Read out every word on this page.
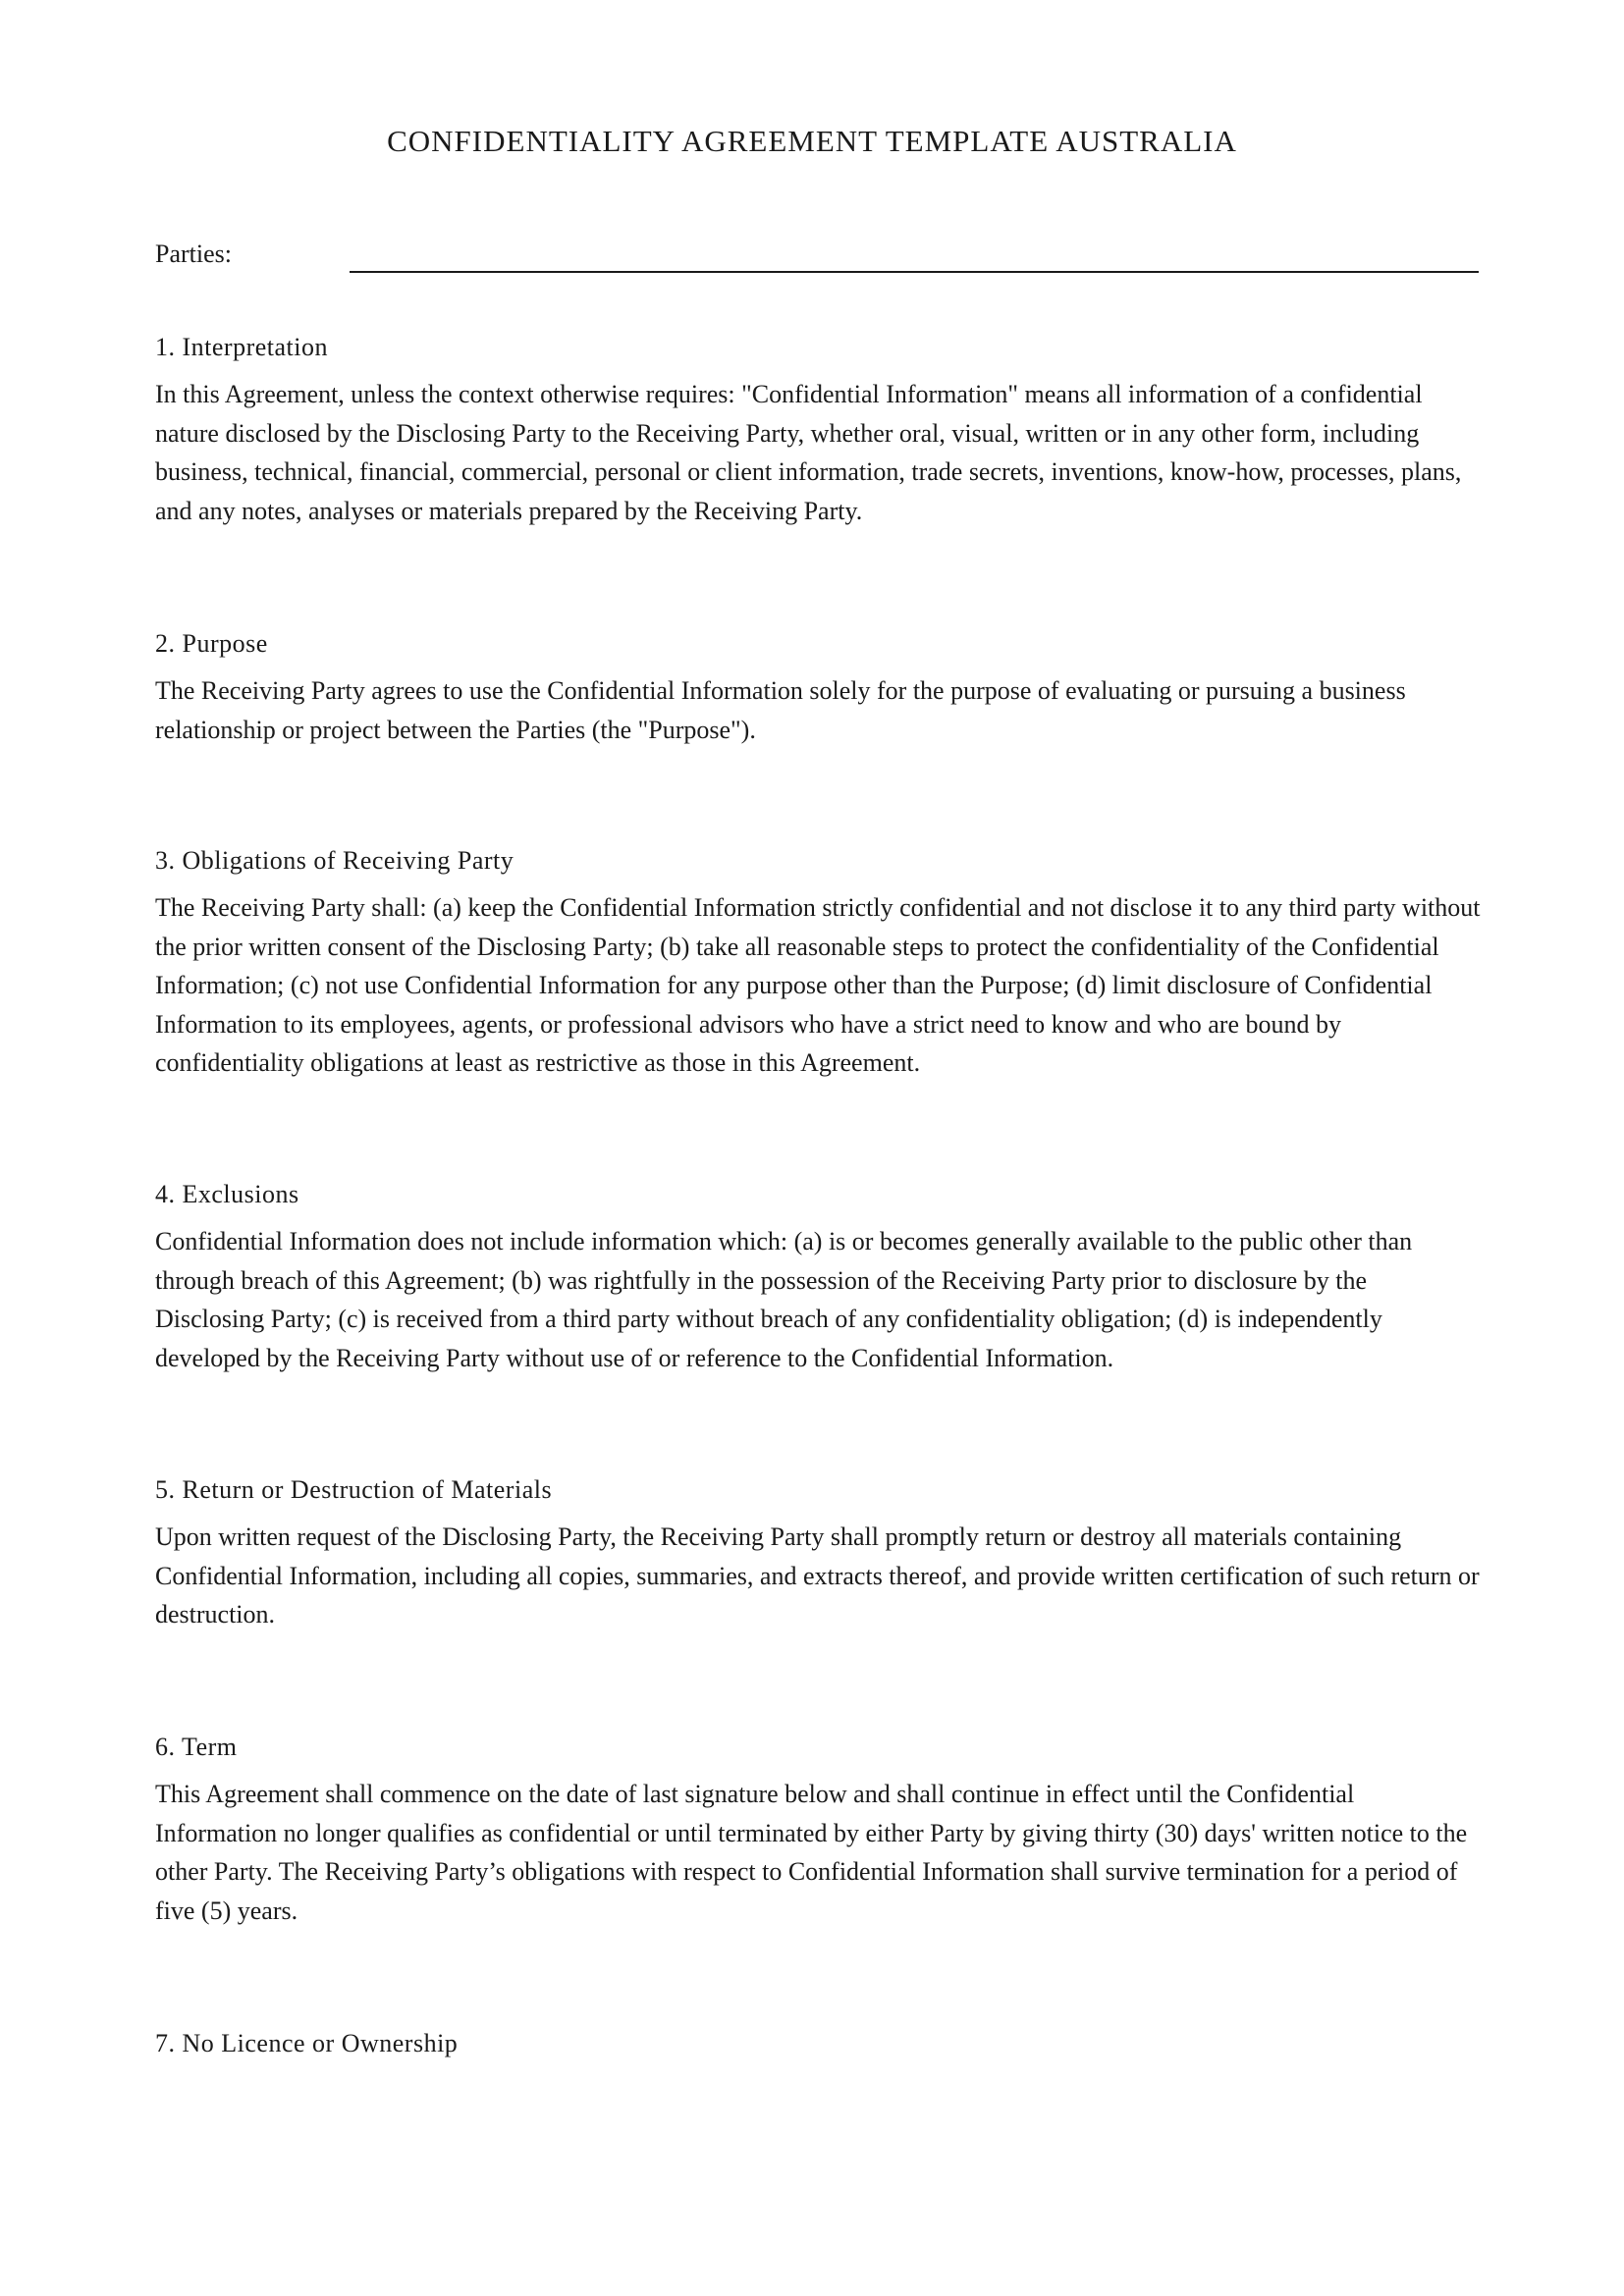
CONFIDENTIALITY AGREEMENT TEMPLATE AUSTRALIA
Parties:
1. Interpretation

In this Agreement, unless the context otherwise requires: "Confidential Information" means all information of a confidential nature disclosed by the Disclosing Party to the Receiving Party, whether oral, visual, written or in any other form, including business, technical, financial, commercial, personal or client information, trade secrets, inventions, know-how, processes, plans, and any notes, analyses or materials prepared by the Receiving Party.

2. Purpose

The Receiving Party agrees to use the Confidential Information solely for the purpose of evaluating or pursuing a business relationship or project between the Parties (the "Purpose").

3. Obligations of Receiving Party

The Receiving Party shall: (a) keep the Confidential Information strictly confidential and not disclose it to any third party without the prior written consent of the Disclosing Party; (b) take all reasonable steps to protect the confidentiality of the Confidential Information; (c) not use Confidential Information for any purpose other than the Purpose; (d) limit disclosure of Confidential Information to its employees, agents, or professional advisors who have a strict need to know and who are bound by confidentiality obligations at least as restrictive as those in this Agreement.

4. Exclusions

Confidential Information does not include information which: (a) is or becomes generally available to the public other than through breach of this Agreement; (b) was rightfully in the possession of the Receiving Party prior to disclosure by the Disclosing Party; (c) is received from a third party without breach of any confidentiality obligation; (d) is independently developed by the Receiving Party without use of or reference to the Confidential Information.

5. Return or Destruction of Materials

Upon written request of the Disclosing Party, the Receiving Party shall promptly return or destroy all materials containing Confidential Information, including all copies, summaries, and extracts thereof, and provide written certification of such return or destruction.

6. Term

This Agreement shall commence on the date of last signature below and shall continue in effect until the Confidential Information no longer qualifies as confidential or until terminated by either Party by giving thirty (30) days' written notice to the other Party. The Receiving Party’s obligations with respect to Confidential Information shall survive termination for a period of five (5) years.

7. No Licence or Ownership
